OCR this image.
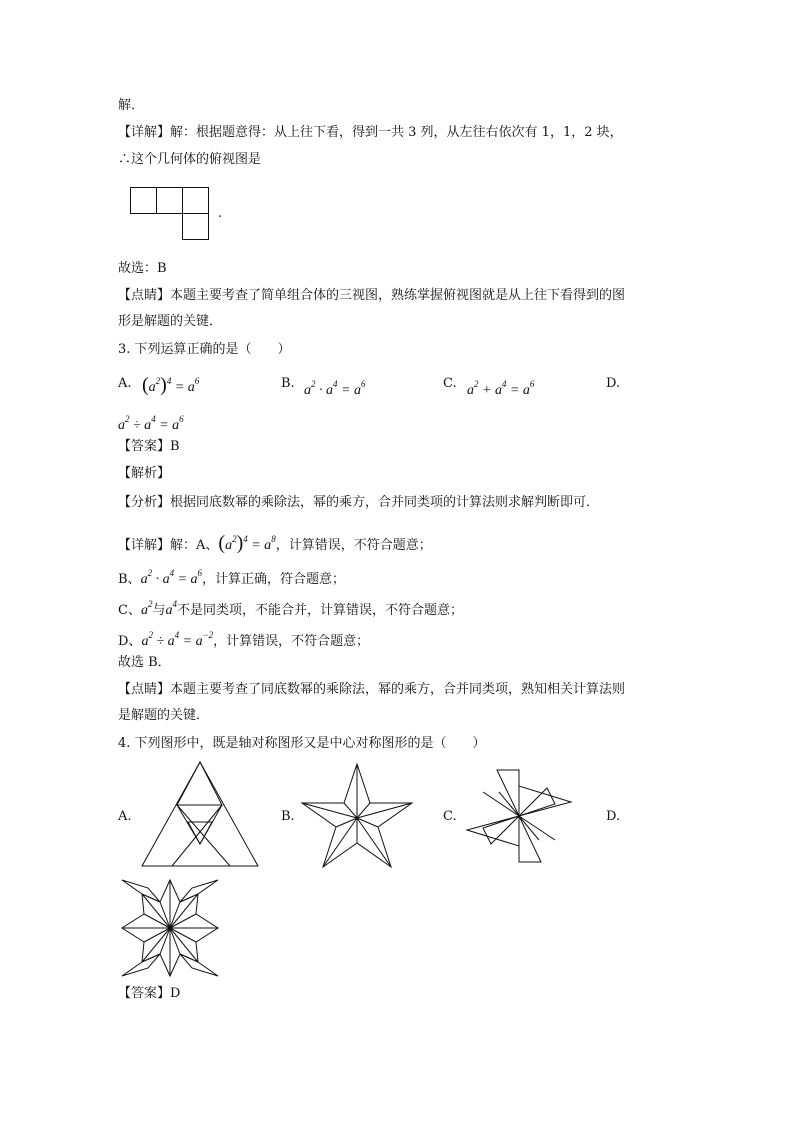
解．
【详解】解：根据题意得：从上往下看，得到一共 3 列，从左往右依次有 1，1，2 块，
∴这个几何体的俯视图是
.
故选：B
【点睛】本题主要考查了简单组合体的三视图，熟练掌握俯视图就是从上往下看得到的图
形是解题的关键．
3. 下列运算正确的是（　　）
A. $(a^2)^4 = a^6$	B. $a^2 \cdot a^4 = a^6$	C. $a^2 + a^4 = a^6$	D.
$a^2 \div a^4 = a^6$
【答案】B
【解析】
【分析】根据同底数幂的乘除法，幂的乘方，合并同类项的计算法则求解判断即可．
【详解】解：A、$(a^2)^4 = a^8$，计算错误，不符合题意；
B、$a^2 \cdot a^4 = a^6$，计算正确，符合题意；
C、$a^2$与$a^4$不是同类项，不能合并，计算错误，不符合题意；
D、$a^2 \div a^4 = a^{-2}$，计算错误，不符合题意；
故选 B．
【点睛】本题主要考查了同底数幂的乘除法，幂的乘方，合并同类项，熟知相关计算法则
是解题的关键．
4. 下列图形中，既是轴对称图形又是中心对称图形的是（　　）
A.	B.	C.	D.
【答案】D
